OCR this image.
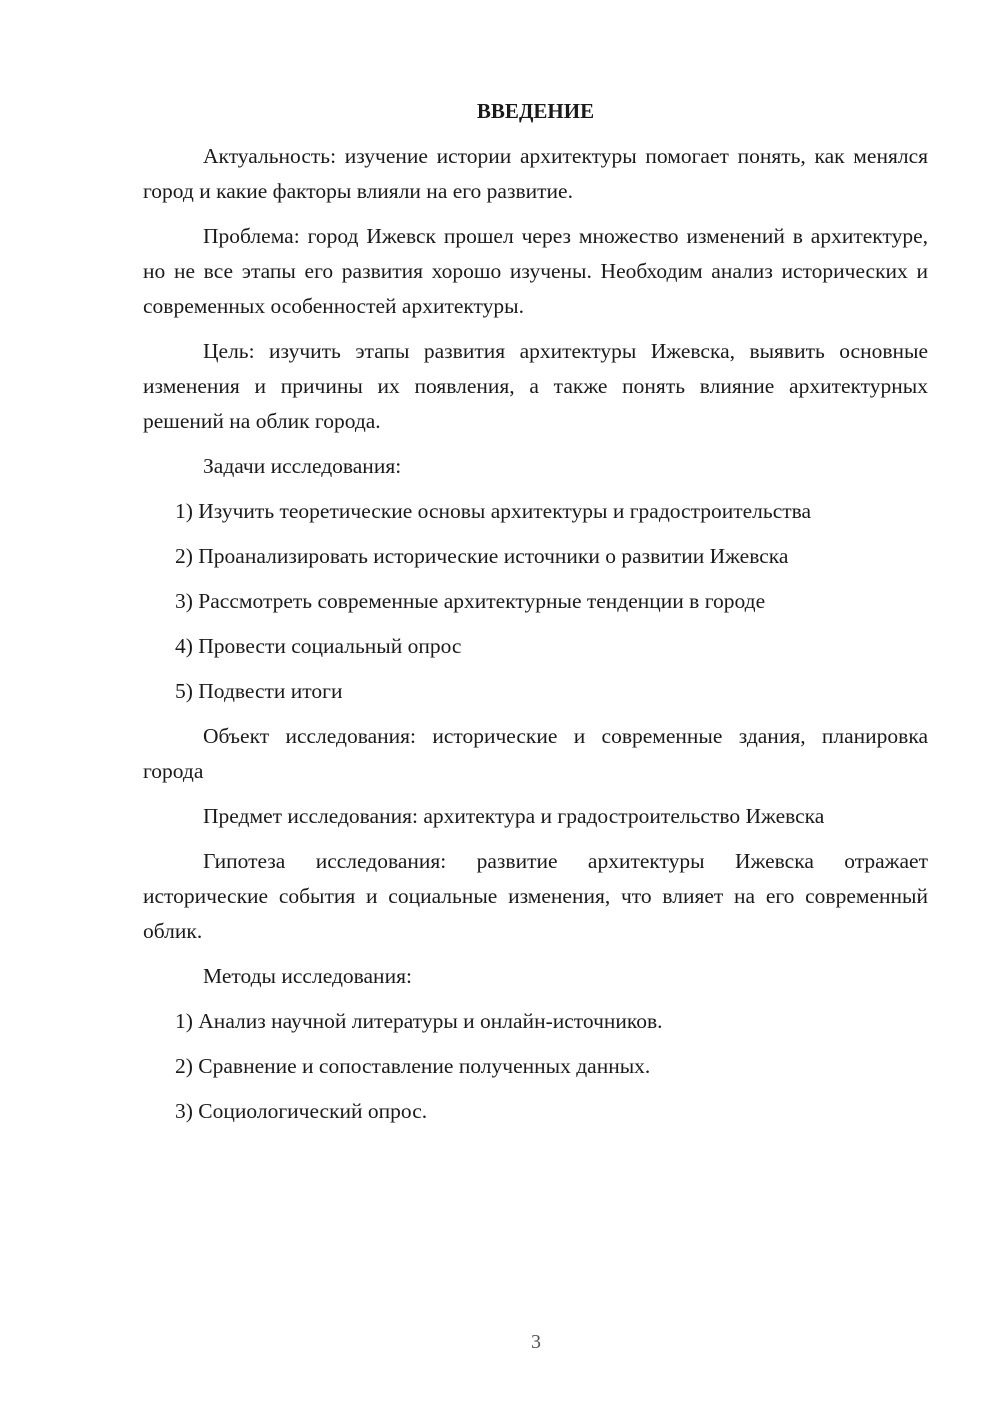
ВВЕДЕНИЕ
Актуальность: изучение истории архитектуры помогает понять, как менялся город и какие факторы влияли на его развитие.
Проблема: город Ижевск прошел через множество изменений в архитектуре, но не все этапы его развития хорошо изучены. Необходим анализ исторических и современных особенностей архитектуры.
Цель: изучить этапы развития архитектуры Ижевска, выявить основные изменения и причины их появления, а также понять влияние архитектурных решений на облик города.
Задачи исследования:
1) Изучить теоретические основы архитектуры и градостроительства
2) Проанализировать исторические источники о развитии Ижевска
3) Рассмотреть современные архитектурные тенденции в городе
4) Провести социальный опрос
5) Подвести итоги
Объект исследования: исторические и современные здания, планировка города
Предмет исследования: архитектура и градостроительство Ижевска
Гипотеза исследования: развитие архитектуры Ижевска отражает исторические события и социальные изменения, что влияет на его современный облик.
Методы исследования:
1) Анализ научной литературы и онлайн-источников.
2) Сравнение и сопоставление полученных данных.
3) Социологический опрос.
3
